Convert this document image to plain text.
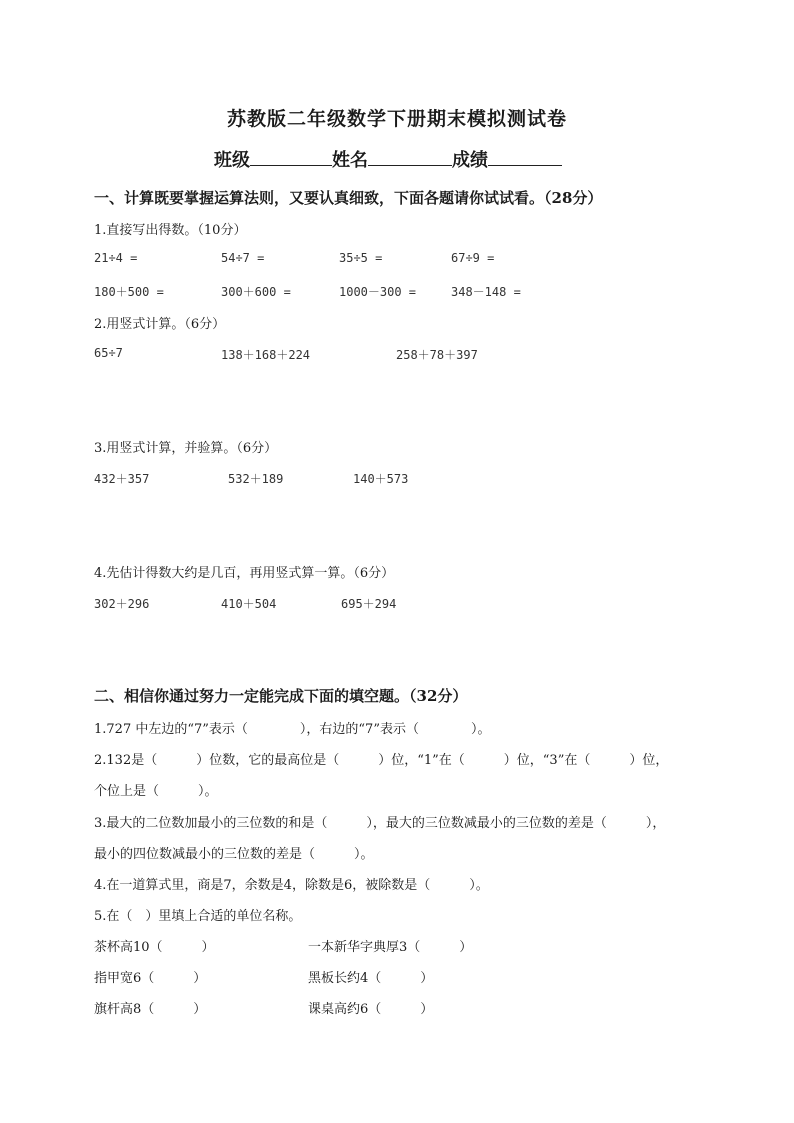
苏教版二年级数学下册期末模拟测试卷
班级	姓名	成绩
一、计算既要掌握运算法则，又要认真细致，下面各题请你试试看。（28分）
1.直接写出得数。（10分）
21÷4 =	54÷7 =	35÷5 =	67÷9 =
180＋500 =	300＋600 =	1000－300 =	348－148 =
2.用竖式计算。（6分）
65÷7	138＋168＋224	258＋78＋397
3.用竖式计算，并验算。（6分）
432＋357	532＋189	140＋573
4.先估计得数大约是几百，再用竖式算一算。（6分）
302＋296	410＋504	695＋294
二、相信你通过努力一定能完成下面的填空题。（32分）
1.727 中左边的“7”表示（　　　　），右边的“7”表示（　　　　）。
2.132是（　　　）位数，它的最高位是（　　　）位，“1”在（　　　）位，“3”在（　　　）位，
个位上是（　　　）。
3.最大的二位数加最小的三位数的和是（　　　），最大的三位数减最小的三位数的差是（　　　），
最小的四位数减最小的三位数的差是（　　　）。
4.在一道算式里，商是7，余数是4，除数是6，被除数是（　　　）。
5.在（　）里填上合适的单位名称。
茶杯高10（　　　）	一本新华字典厚3（　　　）
指甲宽6（　　　）	黑板长约4（　　　）
旗杆高8（　　　）	课桌高约6（　　　）
